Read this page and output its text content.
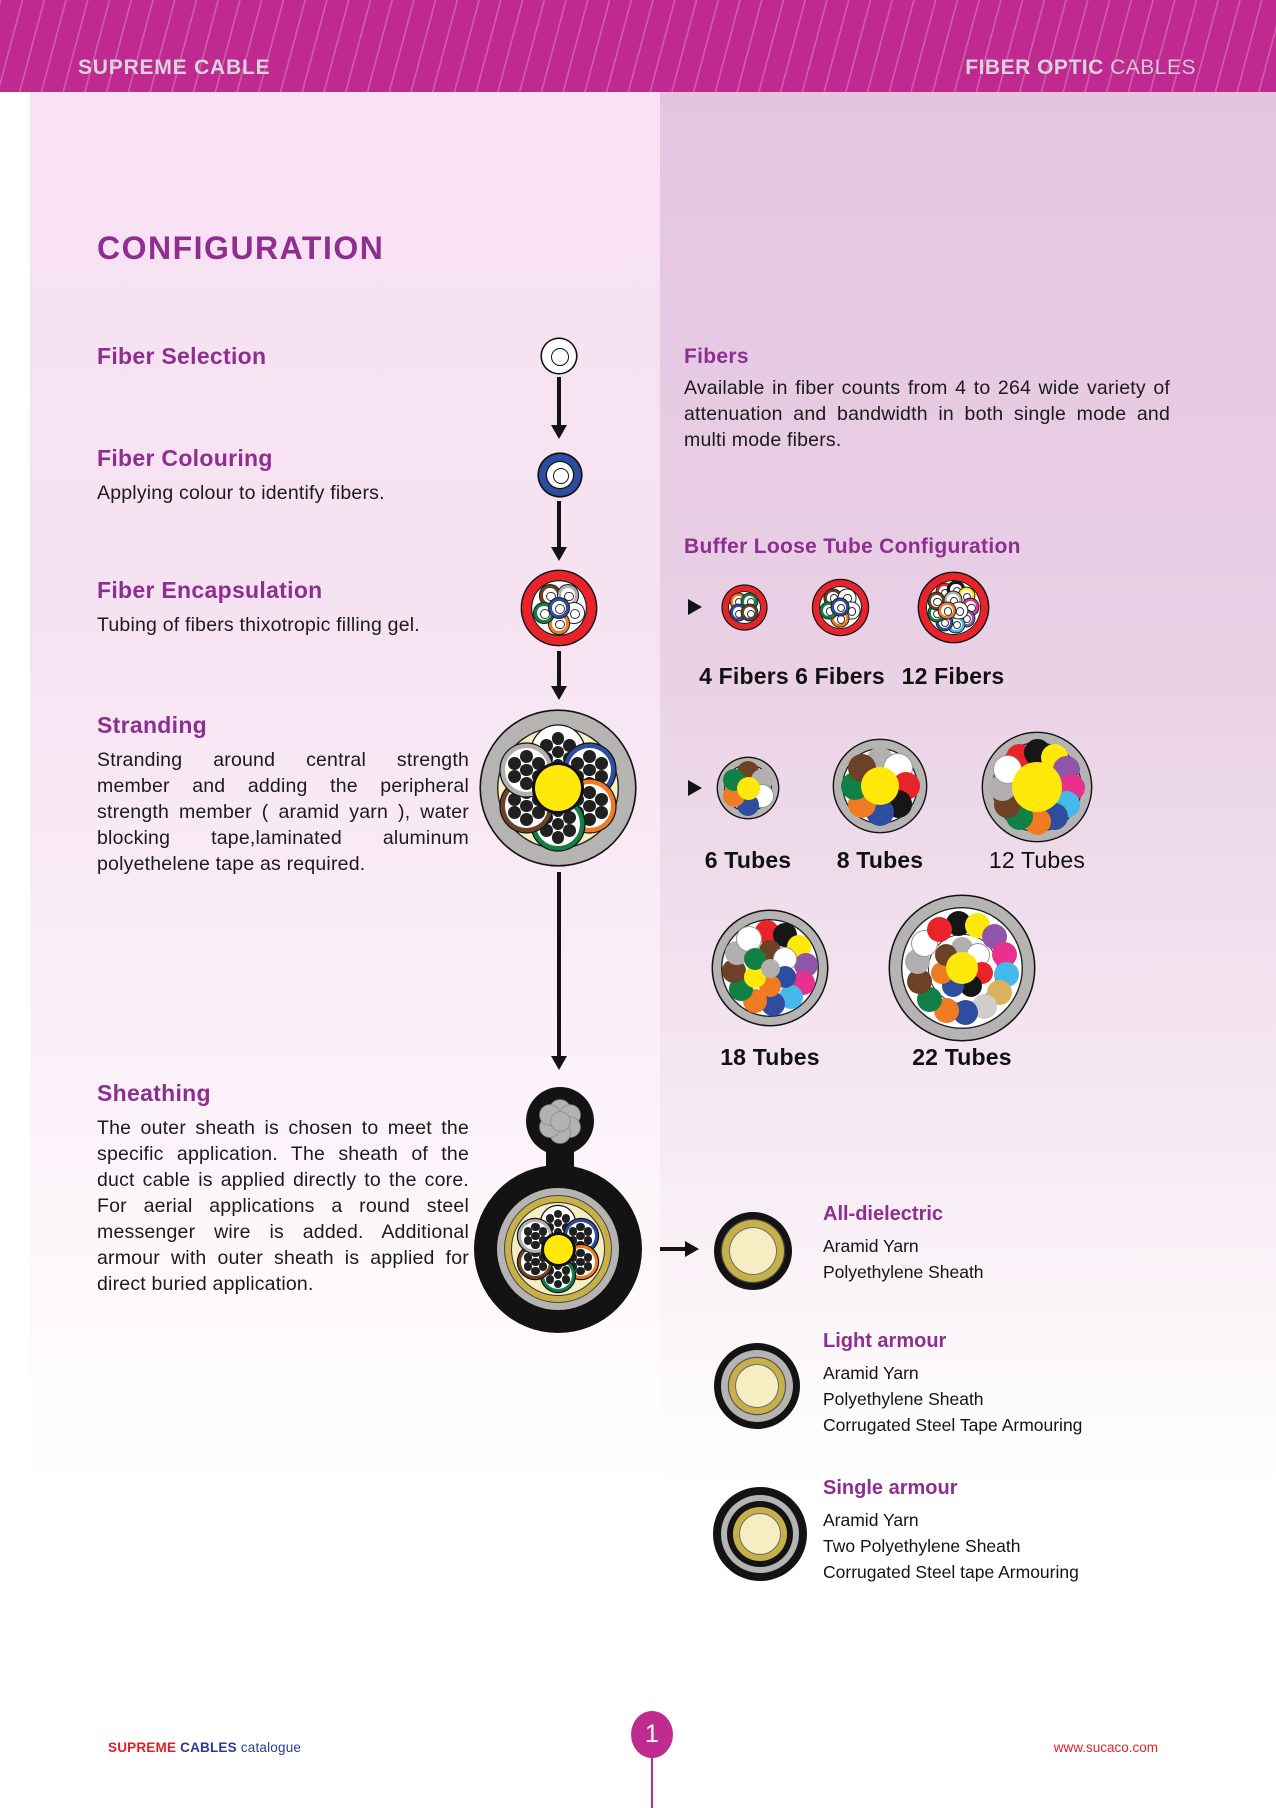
SUPREME CABLE	FIBER OPTIC CABLES
CONFIGURATION
Fiber Selection
Fiber Colouring

Applying colour to identify fibers.

Fiber Encapsulation

Tubing of fibers thixotropic filling gel.

Stranding

Stranding around central strength member and adding the peripheral strength member ( aramid yarn ), water blocking tape,laminated aluminum polyethelene tape as required.

Sheathing

The outer sheath is chosen to meet the specific application. The sheath of the duct cable is applied directly to the core. For aerial applications a round steel messenger wire is added. Additional armour with outer sheath is applied for direct buried application.

Fibers

Available in fiber counts from 4 to 264 wide variety of attenuation and bandwidth in both single mode and multi mode fibers.

Buffer Loose Tube Configuration
4 Fibers 6 Fibers 12 Fibers
6 Tubes 8 Tubes	12 Tubes
18 Tubes	22 Tubes
All-dielectric
Aramid Yarn
Polyethylene Sheath
Light armour
Aramid Yarn
Polyethylene Sheath
Corrugated Steel Tape Armouring
Single armour
Aramid Yarn
Two Polyethylene Sheath
Corrugated Steel tape Armouring
SUPREME CABLES catalogue	1	www.sucaco.com
